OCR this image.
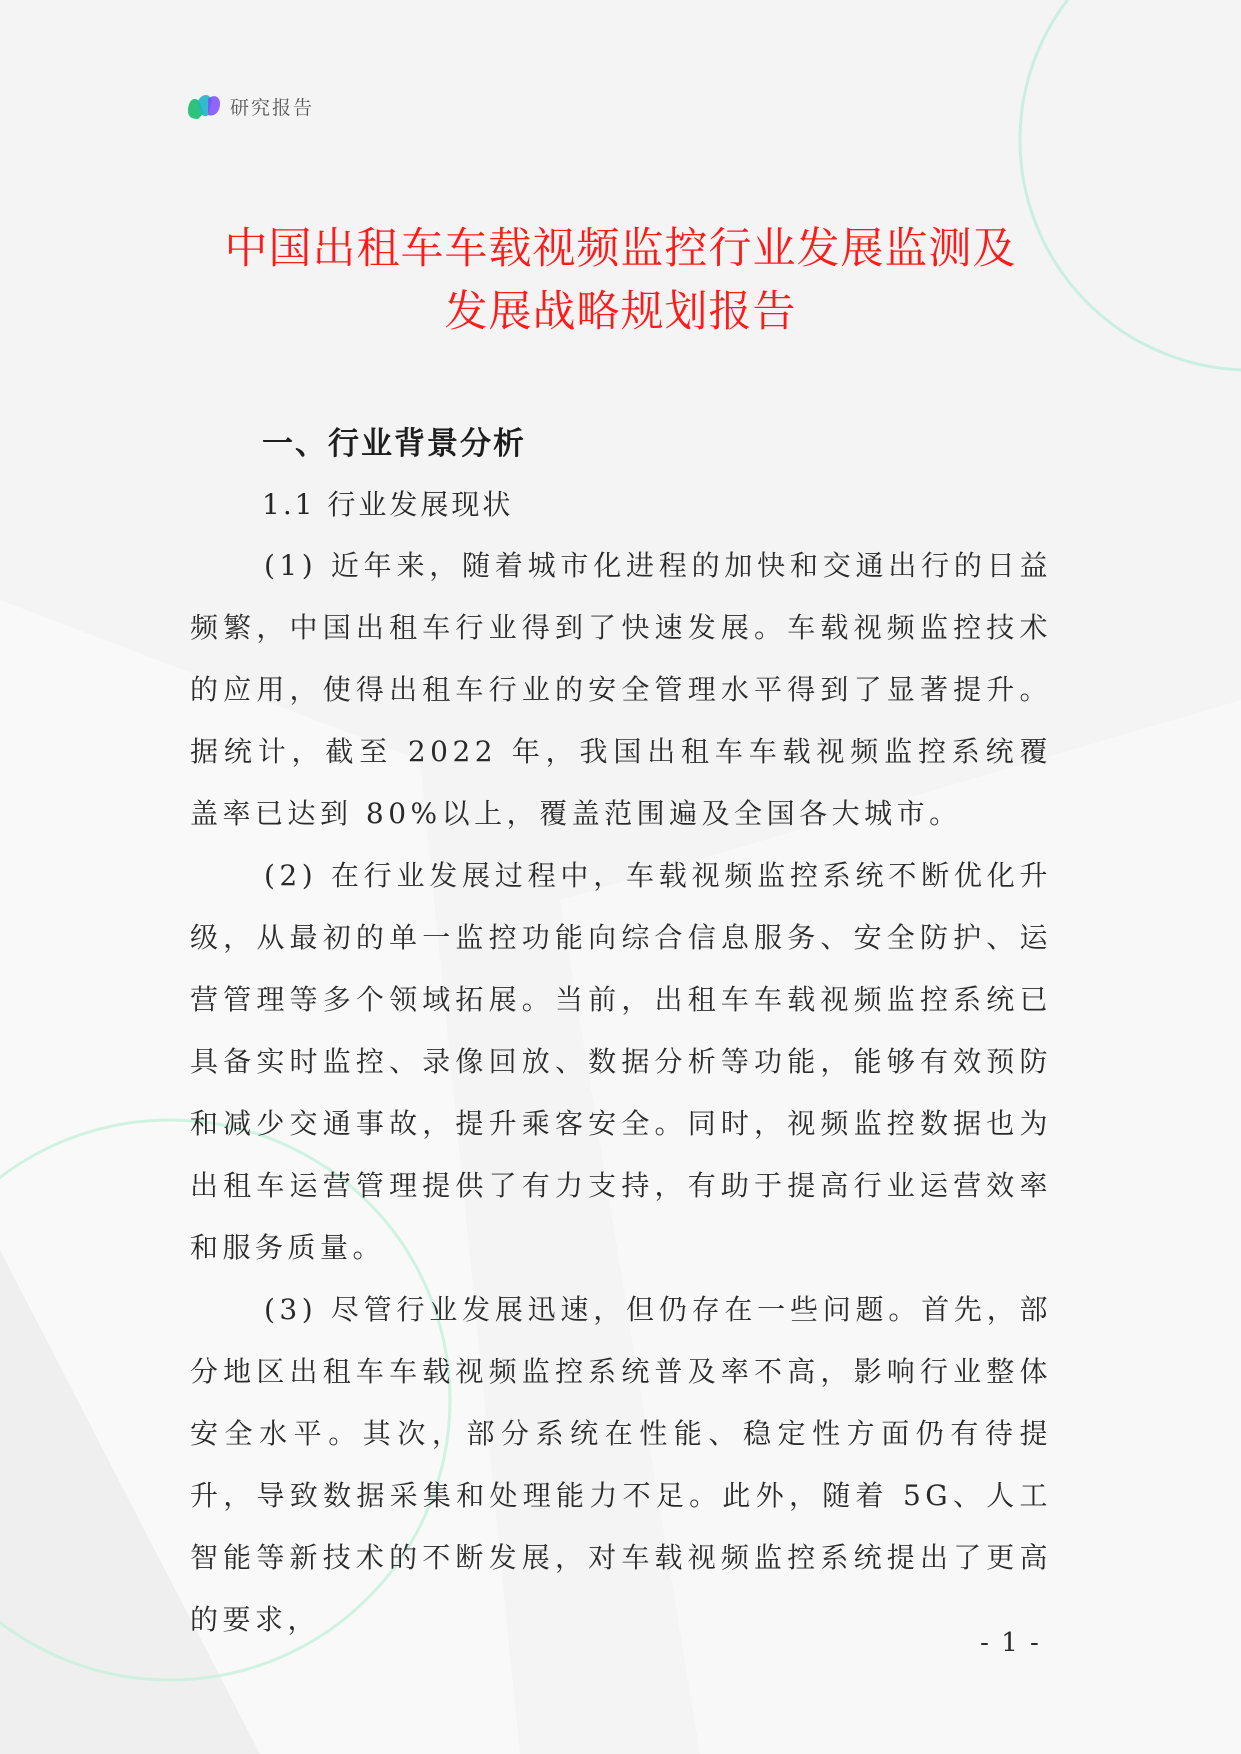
研究报告
中国出租车车载视频监控行业发展监测及
发展战略规划报告
一、行业背景分析
1.1 行业发展现状

(1) 近年来，随着城市化进程的加快和交通出行的日益频繁，中国出租车行业得到了快速发展。车载视频监控技术的应用，使得出租车行业的安全管理水平得到了显著提升。据统计，截至 2022 年，我国出租车车载视频监控系统覆盖率已达到 80%以上，覆盖范围遍及全国各大城市。

(2) 在行业发展过程中，车载视频监控系统不断优化升级，从最初的单一监控功能向综合信息服务、安全防护、运营管理等多个领域拓展。当前，出租车车载视频监控系统已具备实时监控、录像回放、数据分析等功能，能够有效预防和减少交通事故，提升乘客安全。同时，视频监控数据也为出租车运营管理提供了有力支持，有助于提高行业运营效率和服务质量。

(3) 尽管行业发展迅速，但仍存在一些问题。首先，部分地区出租车车载视频监控系统普及率不高，影响行业整体安全水平。其次，部分系统在性能、稳定性方面仍有待提升，导致数据采集和处理能力不足。此外，随着 5G、人工智能等新技术的不断发展，对车载视频监控系统提出了更高的要求，

- 1 -
